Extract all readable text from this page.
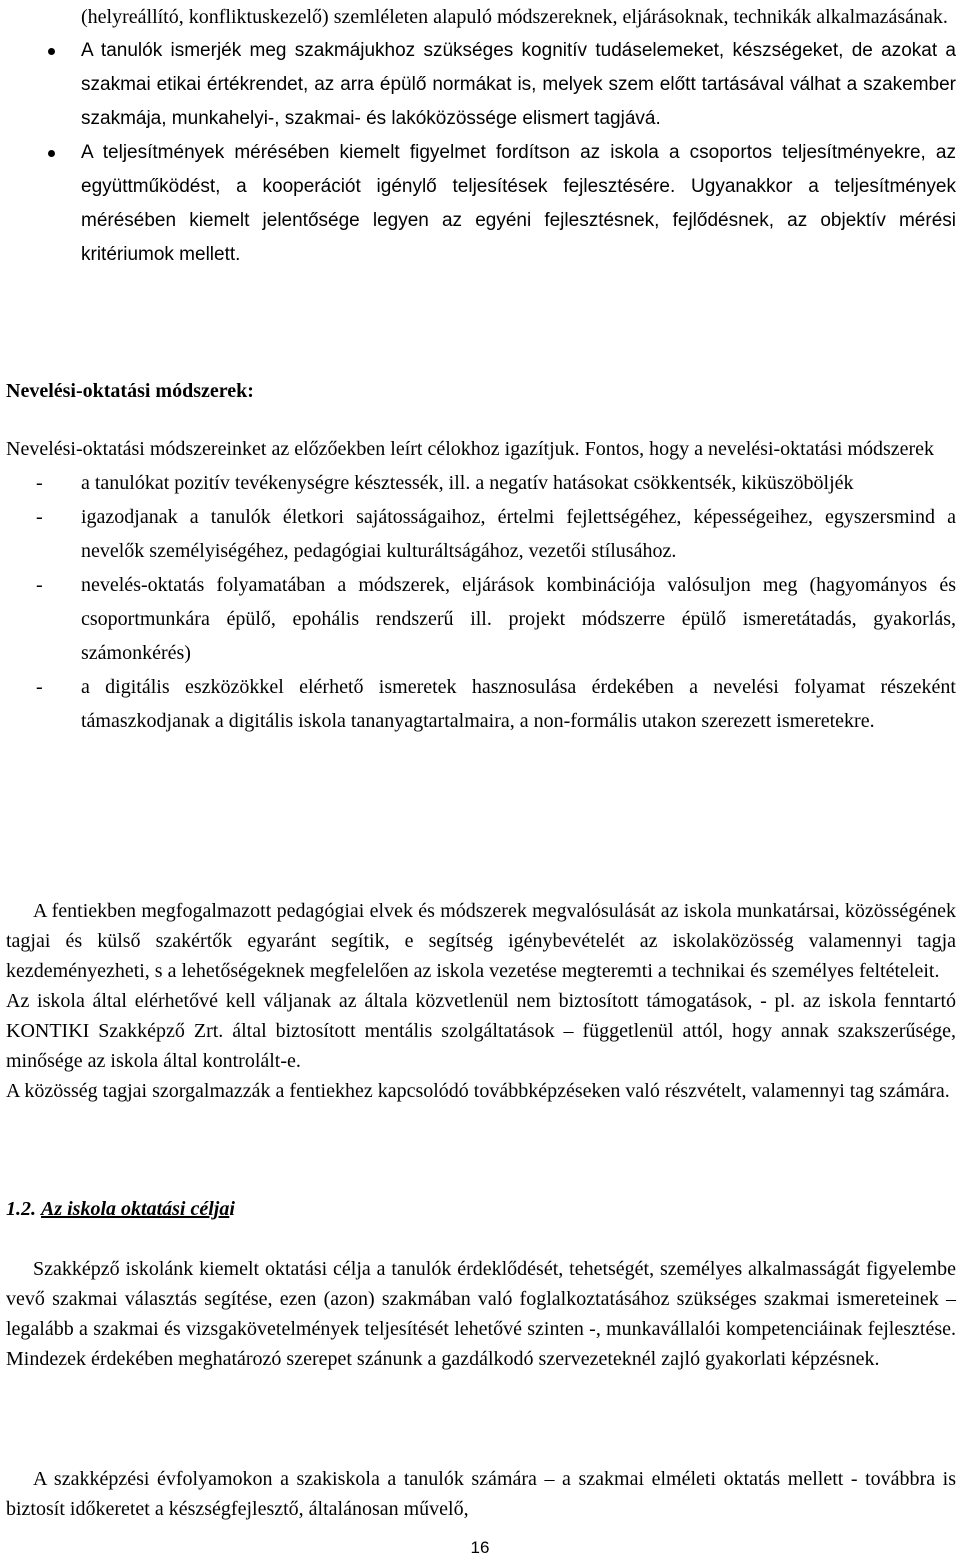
(helyreállító, konfliktuskezelő) szemléleten alapuló módszereknek, eljárásoknak, technikák alkalmazásának.

A tanulók ismerjék meg szakmájukhoz szükséges kognitív tudáselemeket, készségeket, de azokat a szakmai etikai értékrendet, az arra épülő normákat is, melyek szem előtt tartásával válhat a szakember szakmája, munkahelyi-, szakmai- és lakóközössége elismert tagjává.
A teljesítmények mérésében kiemelt figyelmet fordítson az iskola a csoportos teljesítményekre, az együttműködést, a kooperációt igénylő teljesítések fejlesztésére. Ugyanakkor a teljesítmények mérésében kiemelt jelentősége legyen az egyéni fejlesztésnek, fejlődésnek, az objektív mérési kritériumok mellett.

Nevelési-oktatási módszerek:

Nevelési-oktatási módszereinket az előzőekben leírt célokhoz igazítjuk. Fontos, hogy a nevelési-oktatási módszerek

- a tanulókat pozitív tevékenységre késztessék, ill. a negatív hatásokat csökkentsék, kiküszöböljék
- igazodjanak a tanulók életkori sajátosságaihoz, értelmi fejlettségéhez, képességeihez, egyszersmind a nevelők személyiségéhez, pedagógiai kulturáltságához, vezetői stílusához.
- nevelés-oktatás folyamatában a módszerek, eljárások kombinációja valósuljon meg (hagyományos és csoportmunkára épülő, epohális rendszerű ill. projekt módszerre épülő ismeretátadás, gyakorlás, számonkérés)
- a digitális eszközökkel elérhető ismeretek hasznosulása érdekében a nevelési folyamat részeként támaszkodjanak a digitális iskola tananyagtartalmaira, a non-formális utakon szerezett ismeretekre.

A fentiekben megfogalmazott pedagógiai elvek és módszerek megvalósulását az iskola munkatársai, közösségének tagjai és külső szakértők egyaránt segítik, e segítség igénybevételét az iskolaközösség valamennyi tagja kezdeményezheti, s a lehetőségeknek megfelelően az iskola vezetése megteremti a technikai és személyes feltételeit.

Az iskola által elérhetővé kell váljanak az általa közvetlenül nem biztosított támogatások, - pl. az iskola fenntartó KONTIKI Szakképző Zrt. által biztosított mentális szolgáltatások – függetlenül attól, hogy annak szakszerűsége, minősége az iskola által kontrolált-e.

A közösség tagjai szorgalmazzák a fentiekhez kapcsolódó továbbképzéseken való részvételt, valamennyi tag számára.

1.2. Az iskola oktatási céljai

Szakképző iskolánk kiemelt oktatási célja a tanulók érdeklődését, tehetségét, személyes alkalmasságát figyelembe vevő szakmai választás segítése, ezen (azon) szakmában való foglalkoztatásához szükséges szakmai ismereteinek – legalább a szakmai és vizsgakövetelmények teljesítését lehetővé szinten -, munkavállalói kompetenciáinak fejlesztése. Mindezek érdekében meghatározó szerepet szánunk a gazdálkodó szervezeteknél zajló gyakorlati képzésnek.

A szakképzési évfolyamokon a szakiskola a tanulók számára – a szakmai elméleti oktatás mellett - továbbra is biztosít időkeretet a készségfejlesztő, általánosan művelő,

16
